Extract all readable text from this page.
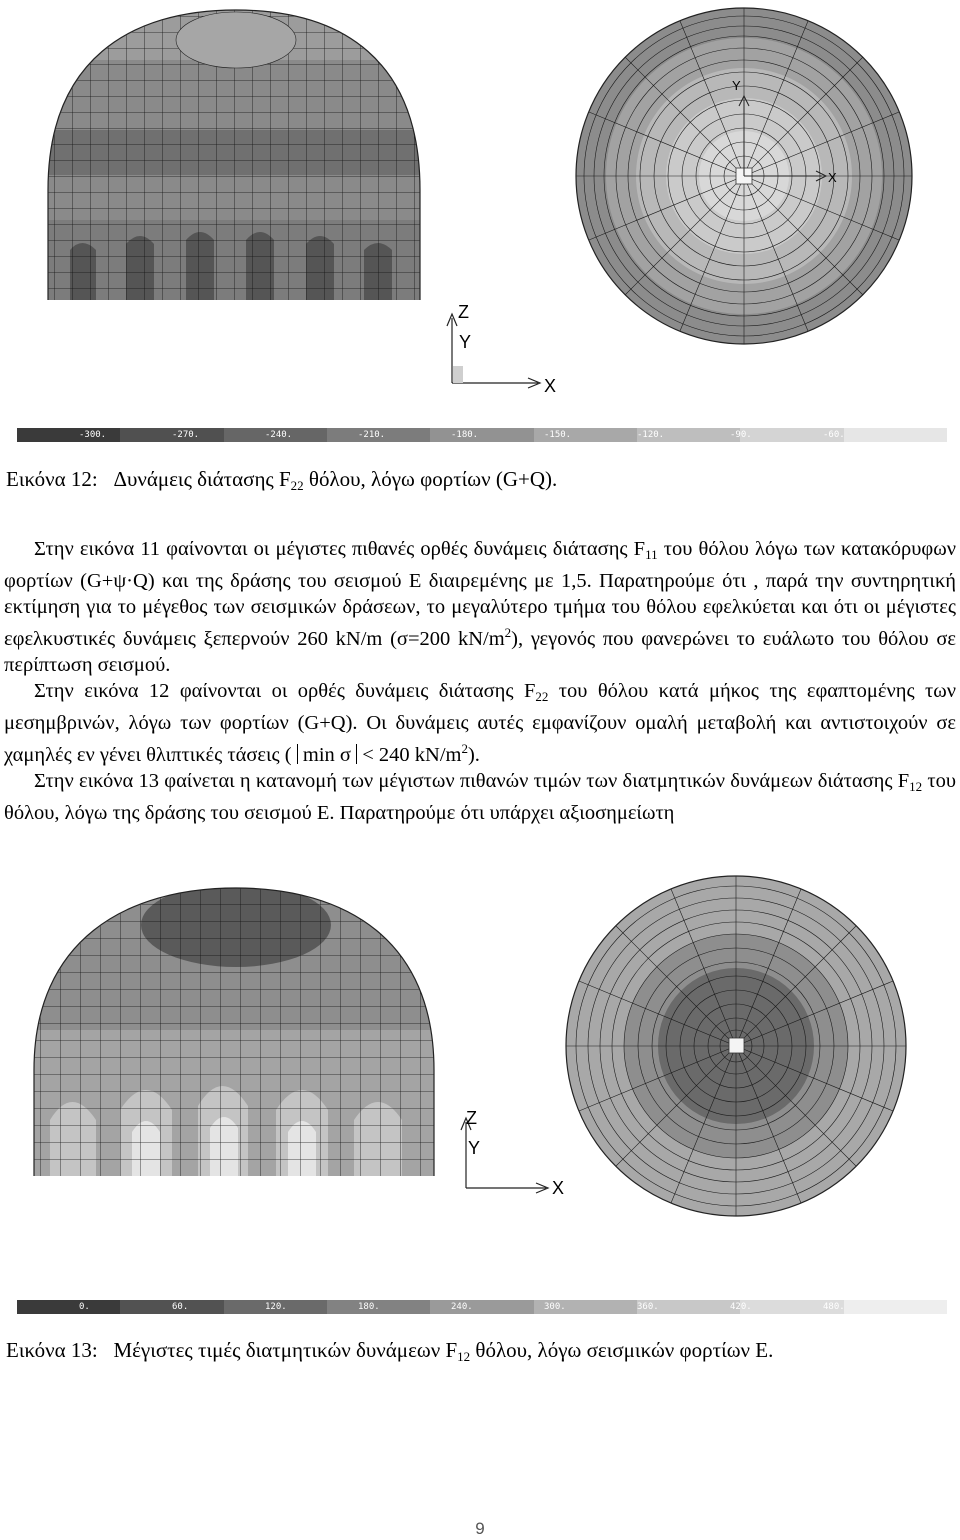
X
Y
Z
Y
X
-300.	-270.	-240.	-210.	-180.	-150.	-120.	-90.	-60.
Εικόνα 12: Δυνάμεις διάτασης $F_{22}$ θόλου, λόγω φορτίων (G+Q).

Στην εικόνα 11 φαίνονται οι μέγιστες πιθανές ορθές δυνάμεις διάτασης $F_{11}$ του θόλου λόγω των κατακόρυφων φορτίων (G+ψ·Q) και της δράσης του σεισμού Ε διαιρεμένης με 1,5. Παρατηρούμε ότι , παρά την συντηρητική εκτίμηση για το μέγεθος των σεισμικών δράσεων, το μεγαλύτερο τμήμα του θόλου εφελκύεται και ότι οι μέγιστες εφελκυστικές δυνάμεις ξεπερνούν 260 kN/m (σ=200 $kN/m^2$), γεγονός που φανερώνει το ευάλωτο του θόλου σε περίπτωση σεισμού.

Στην εικόνα 12 φαίνονται οι ορθές δυνάμεις διάτασης $F_{22}$ του θόλου κατά μήκος της εφαπτομένης των μεσημβρινών, λόγω των φορτίων (G+Q). Οι δυνάμεις αυτές εμφανίζουν ομαλή μεταβολή και αντιστοιχούν σε χαμηλές εν γένει θλιπτικές τάσεις (  min σ  < 240 $kN/m^2$).

Στην εικόνα 13 φαίνεται η κατανομή των μέγιστων πιθανών τιμών των διατμητικών δυνάμεων διάτασης $F_{12}$ του θόλου, λόγω της δράσης του σεισμού Ε. Παρατηρούμε ότι υπάρχει αξιοσημείωτη

Z
Y
X
0.	60.	120.	180.	240.	300.	360.	420.	480.
Εικόνα 13: Μέγιστες τιμές διατμητικών δυνάμεων $F_{12}$ θόλου, λόγω σεισμικών φορτίων Ε.
9
